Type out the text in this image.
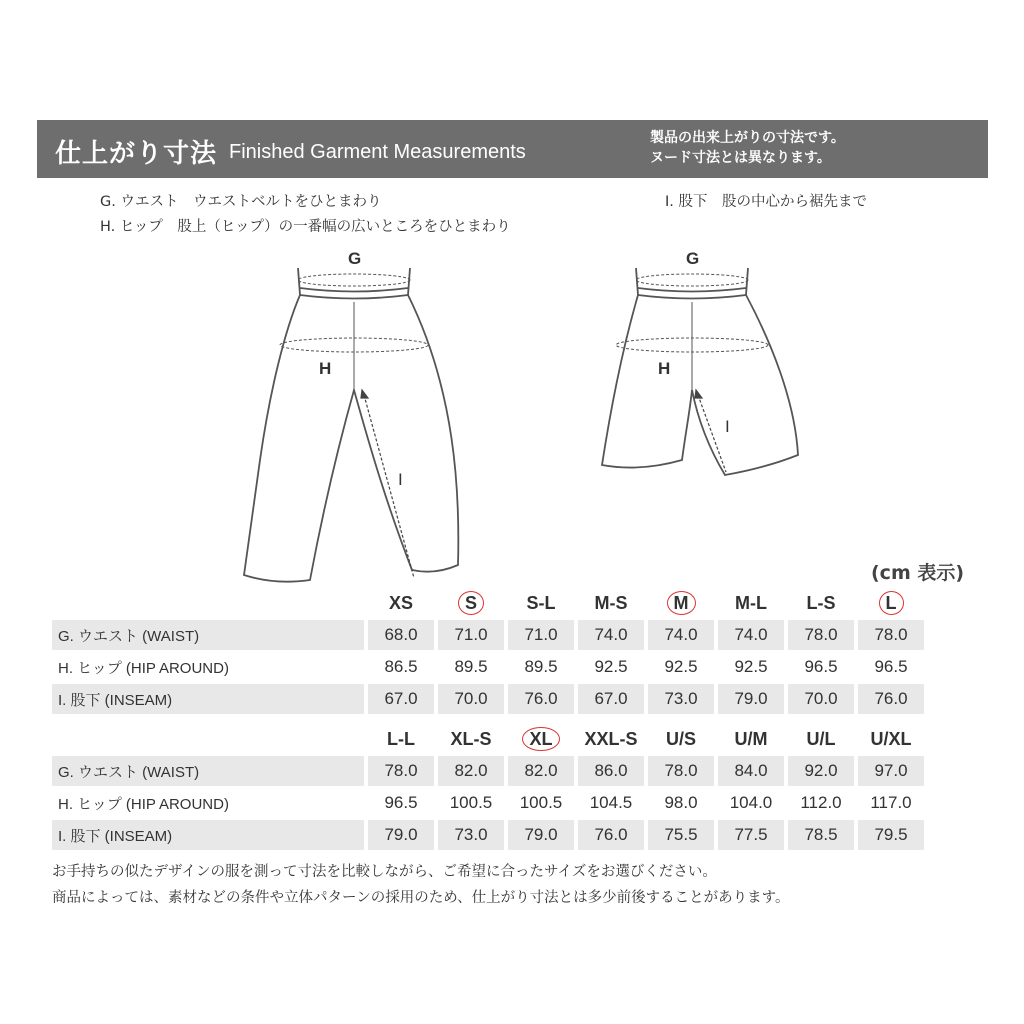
仕上がり寸法 Finished Garment Measurements
製品の出来上がりの寸法です。
ヌード寸法とは異なります。
G. ウエスト　ウエストベルトをひとまわり
H. ヒップ　股上（ヒップ）の一番幅の広いところをひとまわり
I. 股下　股の中心から裾先まで
G
H
I
G
H
I
(cm 表示)
	XS	S	S-L	M-S	M	M-L	L-S	L
G. ウエスト (WAIST)	68.0	71.0	71.0	74.0	74.0	74.0	78.0	78.0
H. ヒップ (HIP AROUND)	86.5	89.5	89.5	92.5	92.5	92.5	96.5	96.5
I. 股下 (INSEAM)	67.0	70.0	76.0	67.0	73.0	79.0	70.0	76.0
	L-L	XL-S	XL	XXL-S	U/S	U/M	U/L	U/XL
G. ウエスト (WAIST)	78.0	82.0	82.0	86.0	78.0	84.0	92.0	97.0
H. ヒップ (HIP AROUND)	96.5	100.5	100.5	104.5	98.0	104.0	112.0	117.0
I. 股下 (INSEAM)	79.0	73.0	79.0	76.0	75.5	77.5	78.5	79.5
お手持ちの似たデザインの服を測って寸法を比較しながら、ご希望に合ったサイズをお選びください。
商品によっては、素材などの条件や立体パターンの採用のため、仕上がり寸法とは多少前後することがあります。
